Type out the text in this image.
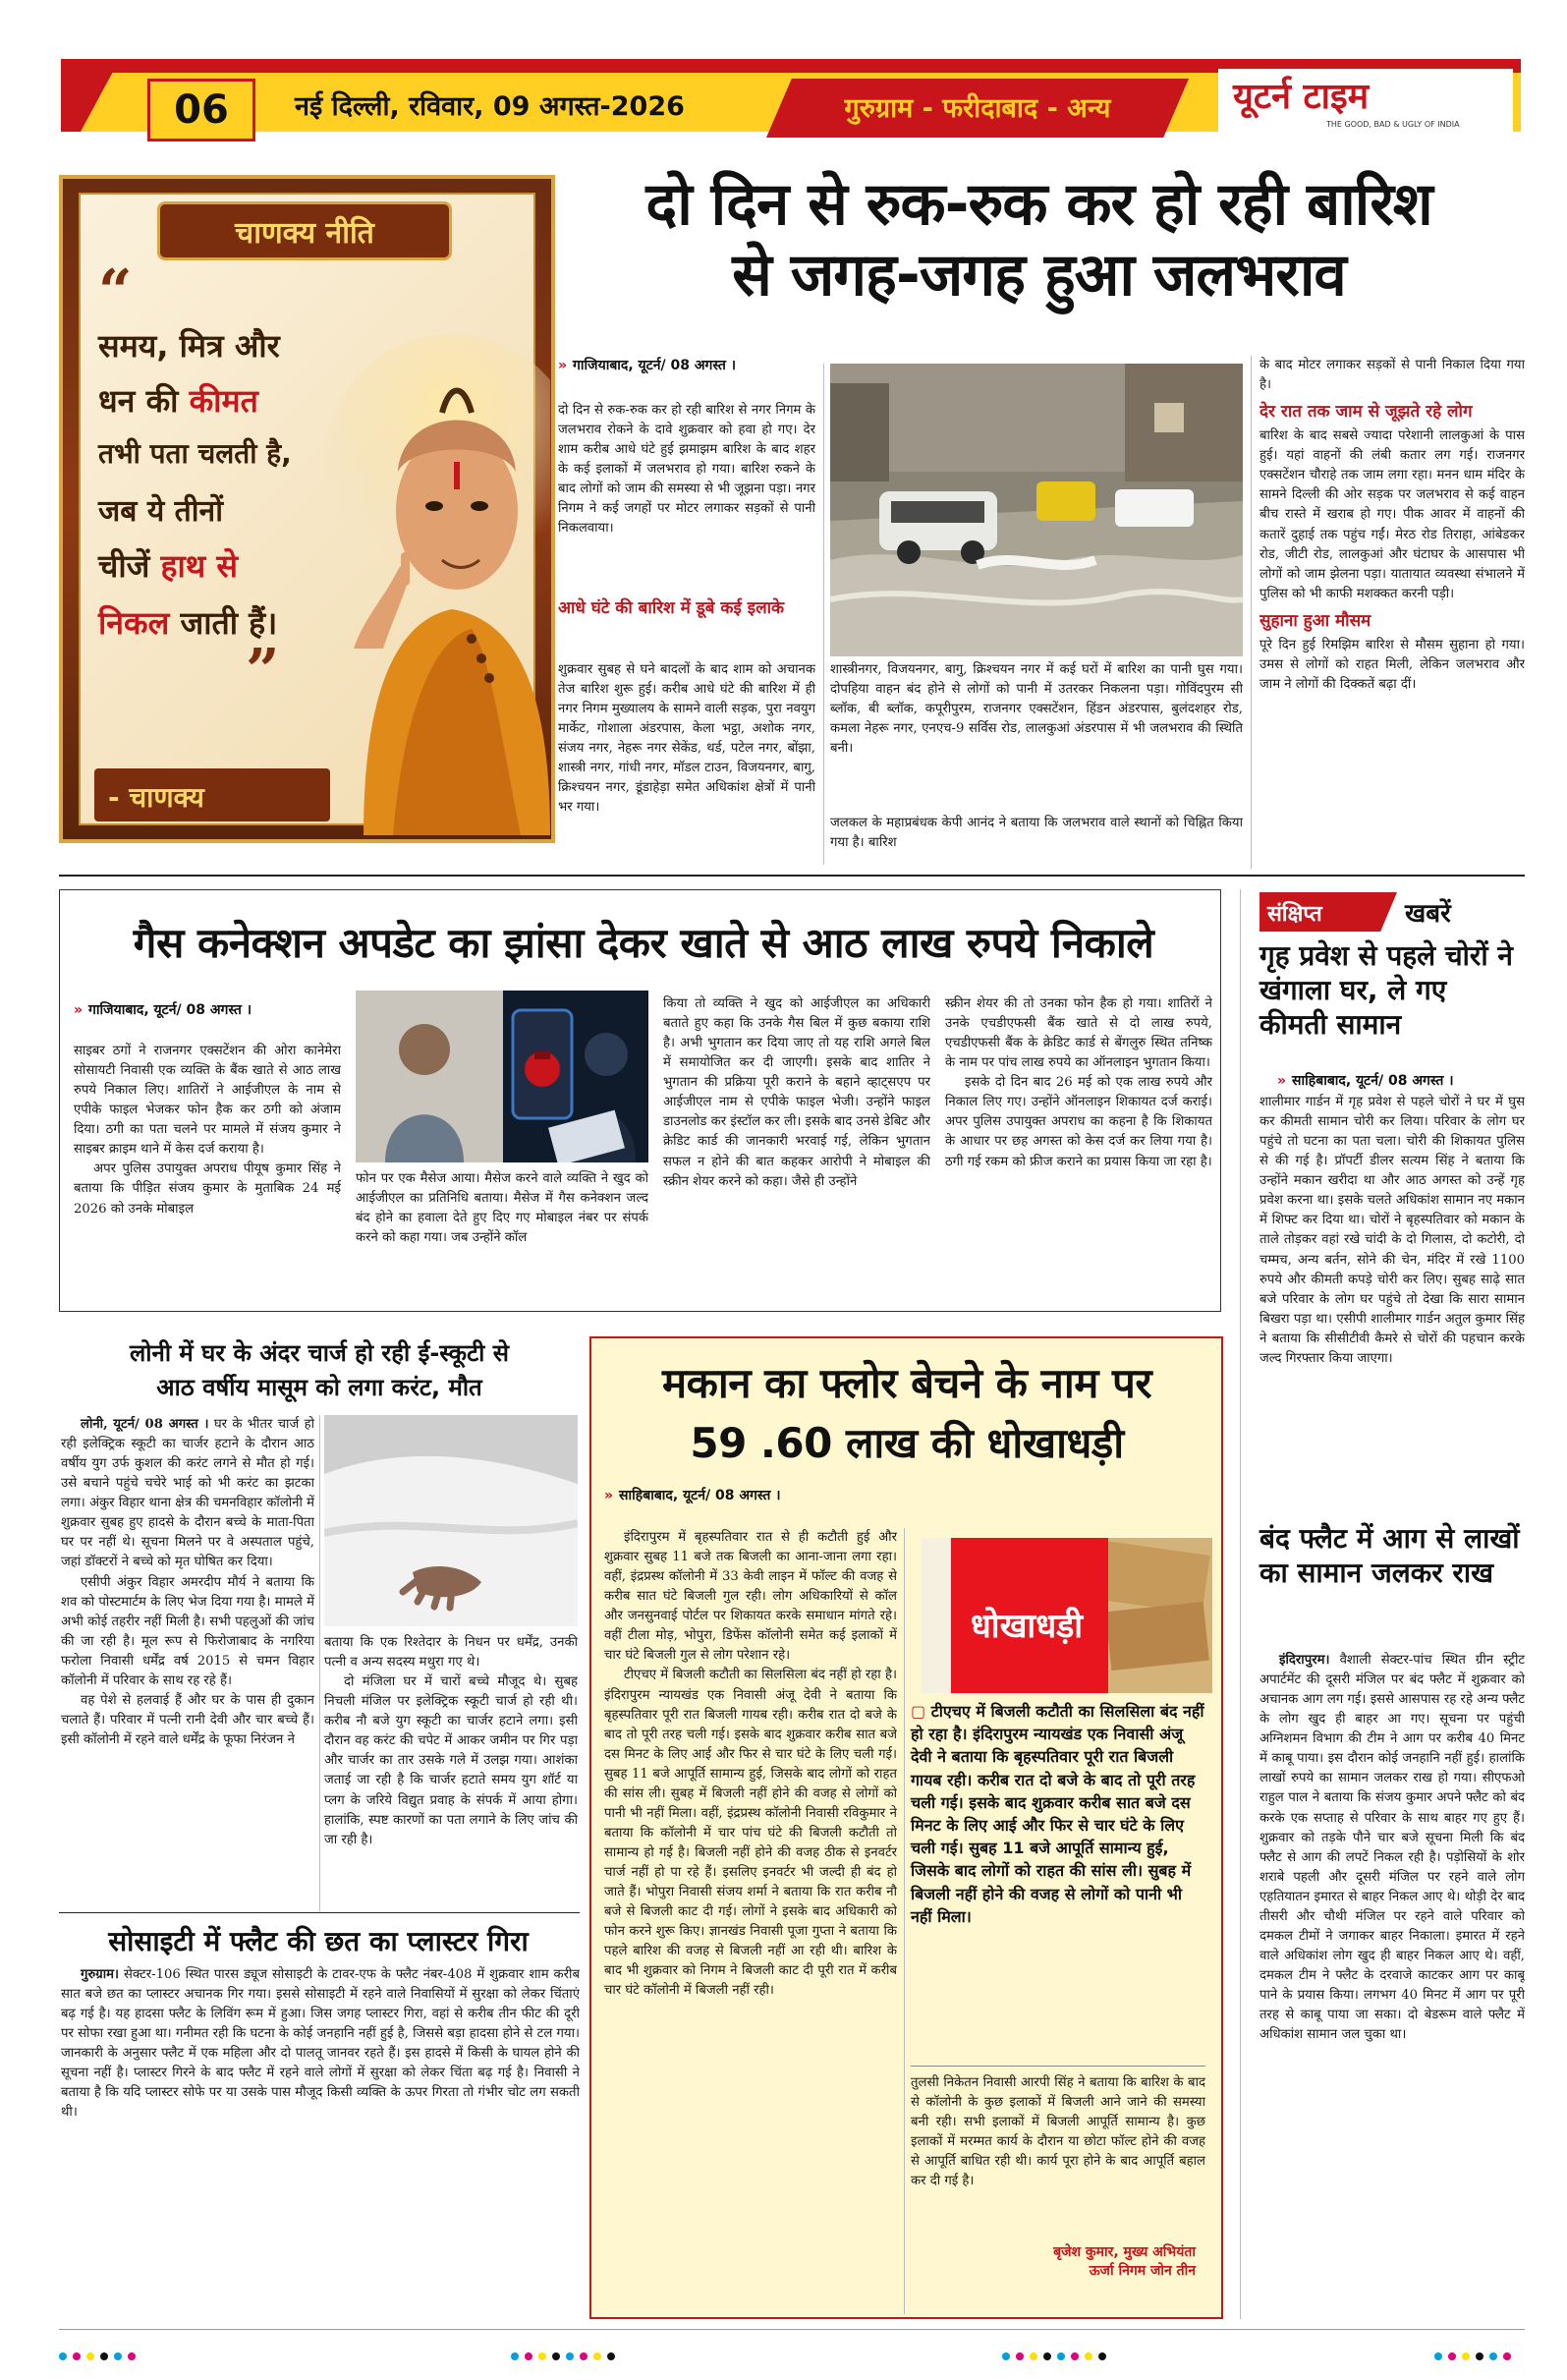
06	नई दिल्ली, रविवार, 09 अगस्त-2026	गुरुग्राम - फरीदाबाद - अन्य	यूटर्न टाइम
THE GOOD, BAD & UGLY OF INDIA
चाणक्य नीति
“
समय, मित्र और
धन की कीमत
तभी पता चलती है,
जब ये तीनों
चीजें हाथ से
निकल जाती हैं।
”
- चाणक्य
दो दिन से रुक-रुक कर हो रही बारिश
से जगह-जगह हुआ जलभराव
» गाजियाबाद, यूटर्न/ 08 अगस्त ।

दो दिन से रुक-रुक कर हो रही बारिश से नगर निगम के जलभराव रोकने के दावे शुक्रवार को हवा हो गए। देर शाम करीब आधे घंटे हुई झमाझम बारिश के बाद शहर के कई इलाकों में जलभराव हो गया। बारिश रुकने के बाद लोगों को जाम की समस्या से भी जूझना पड़ा। नगर निगम ने कई जगहों पर मोटर लगाकर सड़कों से पानी निकलवाया।

आधे घंटे की बारिश में डूबे कई इलाके

शुक्रवार सुबह से घने बादलों के बाद शाम को अचानक तेज बारिश शुरू हुई। करीब आधे घंटे की बारिश में ही नगर निगम मुख्यालय के सामने वाली सड़क, पुरा नवयुग मार्केट, गोशाला अंडरपास, केला भट्ठा, अशोक नगर, संजय नगर, नेहरू नगर सेकेंड, थर्ड, पटेल नगर, बोंझा, शास्त्री नगर, गांधी नगर, मॉडल टाउन, विजयनगर, बागु, क्रिश्चयन नगर, डूंडाहेड़ा समेत अधिकांश क्षेत्रों में पानी भर गया।

शास्त्रीनगर, विजयनगर, बागु, क्रिश्चयन नगर में कई घरों में बारिश का पानी घुस गया। दोपहिया वाहन बंद होने से लोगों को पानी में उतरकर निकलना पड़ा। गोविंदपुरम सी ब्लॉक, बी ब्लॉक, कपूरीपुरम, राजनगर एक्सटेंशन, हिंडन अंडरपास, बुलंदशहर रोड, कमला नेहरू नगर, एनएच-9 सर्विस रोड, लालकुआं अंडरपास में भी जलभराव की स्थिति बनी।

जलकल के महाप्रबंधक केपी आनंद ने बताया कि जलभराव वाले स्थानों को चिह्नित किया गया है। बारिश

के बाद मोटर लगाकर सड़कों से पानी निकाल दिया गया है।

देर रात तक जाम से जूझते रहे लोग

बारिश के बाद सबसे ज्यादा परेशानी लालकुआं के पास हुई। यहां वाहनों की लंबी कतार लग गई। राजनगर एक्सटेंशन चौराहे तक जाम लगा रहा। मनन धाम मंदिर के सामने दिल्ली की ओर सड़क पर जलभराव से कई वाहन बीच रास्ते में खराब हो गए। पीक आवर में वाहनों की कतारें दुहाई तक पहुंच गईं। मेरठ रोड तिराहा, आंबेडकर रोड, जीटी रोड, लालकुआं और घंटाघर के आसपास भी लोगों को जाम झेलना पड़ा। यातायात व्यवस्था संभालने में पुलिस को भी काफी मशक्कत करनी पड़ी।

सुहाना हुआ मौसम

पूरे दिन हुई रिमझिम बारिश से मौसम सुहाना हो गया। उमस से लोगों को राहत मिली, लेकिन जलभराव और जाम ने लोगों की दिक्कतें बढ़ा दीं।

गैस कनेक्शन अपडेट का झांसा देकर खाते से आठ लाख रुपये निकाले
» गाजियाबाद, यूटर्न/ 08 अगस्त ।

साइबर ठगों ने राजनगर एक्सटेंशन की ओरा कानेमेरा सोसायटी निवासी एक व्यक्ति के बैंक खाते से आठ लाख रुपये निकाल लिए। शातिरों ने आईजीएल के नाम से एपीके फाइल भेजकर फोन हैक कर ठगी को अंजाम दिया। ठगी का पता चलने पर मामले में संजय कुमार ने साइबर क्राइम थाने में केस दर्ज कराया है।

अपर पुलिस उपायुक्त अपराध पीयूष कुमार सिंह ने बताया कि पीड़ित संजय कुमार के मुताबिक 24 मई 2026 को उनके मोबाइल

फोन पर एक मैसेज आया। मैसेज करने वाले व्यक्ति ने खुद को आईजीएल का प्रतिनिधि बताया। मैसेज में गैस कनेक्शन जल्द बंद होने का हवाला देते हुए दिए गए मोबाइल नंबर पर संपर्क करने को कहा गया। जब उन्होंने कॉल

किया तो व्यक्ति ने खुद को आईजीएल का अधिकारी बताते हुए कहा कि उनके गैस बिल में कुछ बकाया राशि है। अभी भुगतान कर दिया जाए तो यह राशि अगले बिल में समायोजित कर दी जाएगी। इसके बाद शातिर ने भुगतान की प्रक्रिया पूरी कराने के बहाने व्हाट्सएप पर आईजीएल नाम से एपीके फाइल भेजी। उन्होंने फाइल डाउनलोड कर इंस्टॉल कर ली। इसके बाद उनसे डेबिट और क्रेडिट कार्ड की जानकारी भरवाई गई, लेकिन भुगतान सफल न होने की बात कहकर आरोपी ने मोबाइल की स्क्रीन शेयर करने को कहा। जैसे ही उन्होंने

स्क्रीन शेयर की तो उनका फोन हैक हो गया। शातिरों ने उनके एचडीएफसी बैंक खाते से दो लाख रुपये, एचडीएफसी बैंक के क्रेडिट कार्ड से बेंगलुरु स्थित तनिष्क के नाम पर पांच लाख रुपये का ऑनलाइन भुगतान किया।

इसके दो दिन बाद 26 मई को एक लाख रुपये और निकाल लिए गए। उन्होंने ऑनलाइन शिकायत दर्ज कराई। अपर पुलिस उपायुक्त अपराध का कहना है कि शिकायत के आधार पर छह अगस्त को केस दर्ज कर लिया गया है। ठगी गई रकम को फ्रीज कराने का प्रयास किया जा रहा है।

संक्षिप्त	खबरें
गृह प्रवेश से पहले चोरों ने खंगाला घर, ले गए कीमती सामान
» साहिबाबाद, यूटर्न/ 08 अगस्त ।

शालीमार गार्डन में गृह प्रवेश से पहले चोरों ने घर में घुस कर कीमती सामान चोरी कर लिया। परिवार के लोग घर पहुंचे तो घटना का पता चला। चोरी की शिकायत पुलिस से की गई है। प्रॉपर्टी डीलर सत्यम सिंह ने बताया कि उन्होंने मकान खरीदा था और आठ अगस्त को उन्हें गृह प्रवेश करना था। इसके चलते अधिकांश सामान नए मकान में शिफ्ट कर दिया था। चोरों ने बृहस्पतिवार को मकान के ताले तोड़कर वहां रखे चांदी के दो गिलास, दो कटोरी, दो चम्मच, अन्य बर्तन, सोने की चेन, मंदिर में रखे 1100 रुपये और कीमती कपड़े चोरी कर लिए। सुबह साढ़े सात बजे परिवार के लोग घर पहुंचे तो देखा कि सारा सामान बिखरा पड़ा था। एसीपी शालीमार गार्डन अतुल कुमार सिंह ने बताया कि सीसीटीवी कैमरे से चोरों की पहचान करके जल्द गिरफ्तार किया जाएगा।

बंद फ्लैट में आग से लाखों का सामान जलकर राख

इंदिरापुरम। वैशाली सेक्टर-पांच स्थित ग्रीन स्ट्रीट अपार्टमेंट की दूसरी मंजिल पर बंद फ्लैट में शुक्रवार को अचानक आग लग गई। इससे आसपास रह रहे अन्य फ्लैट के लोग खुद ही बाहर आ गए। सूचना पर पहुंची अग्निशमन विभाग की टीम ने आग पर करीब 40 मिनट में काबू पाया। इस दौरान कोई जनहानि नहीं हुई। हालांकि लाखों रुपये का सामान जलकर राख हो गया। सीएफओ राहुल पाल ने बताया कि संजय कुमार अपने फ्लैट को बंद करके एक सप्ताह से परिवार के साथ बाहर गए हुए हैं। शुक्रवार को तड़के पौने चार बजे सूचना मिली कि बंद फ्लैट से आग की लपटें निकल रही है। पड़ोसियों के शोर शराबे पहली और दूसरी मंजिल पर रहने वाले लोग एहतियातन इमारत से बाहर निकल आए थे। थोड़ी देर बाद तीसरी और चौथी मंजिल पर रहने वाले परिवार को दमकल टीमों ने जगाकर बाहर निकाला। इमारत में रहने वाले अधिकांश लोग खुद ही बाहर निकल आए थे। वहीं, दमकल टीम ने फ्लैट के दरवाजे काटकर आग पर काबू पाने के प्रयास किया। लगभग 40 मिनट में आग पर पूरी तरह से काबू पाया जा सका। दो बेडरूम वाले फ्लैट में अधिकांश सामान जल चुका था।

लोनी में घर के अंदर चार्ज हो रही ई-स्कूटी से
आठ वर्षीय मासूम को लगा करंट, मौत

लोनी, यूटर्न/ 08 अगस्त । घर के भीतर चार्ज हो रही इलेक्ट्रिक स्कूटी का चार्जर हटाने के दौरान आठ वर्षीय युग उर्फ कुशल की करंट लगने से मौत हो गई। उसे बचाने पहुंचे चचेरे भाई को भी करंट का झटका लगा। अंकुर विहार थाना क्षेत्र की चमनविहार कॉलोनी में शुक्रवार सुबह हुए हादसे के दौरान बच्चे के माता-पिता घर पर नहीं थे। सूचना मिलने पर वे अस्पताल पहुंचे, जहां डॉक्टरों ने बच्चे को मृत घोषित कर दिया।

एसीपी अंकुर विहार अमरदीप मौर्य ने बताया कि शव को पोस्टमार्टम के लिए भेज दिया गया है। मामले में अभी कोई तहरीर नहीं मिली है। सभी पहलुओं की जांच की जा रही है। मूल रूप से फिरोजाबाद के नगरिया फरोला निवासी धर्मेंद्र वर्ष 2015 से चमन विहार कॉलोनी में परिवार के साथ रह रहे हैं।

वह पेशे से हलवाई हैं और घर के पास ही दुकान चलाते हैं। परिवार में पत्नी रानी देवी और चार बच्चे हैं। इसी कॉलोनी में रहने वाले धर्मेंद्र के फूफा निरंजन ने

बताया कि एक रिश्तेदार के निधन पर धर्मेंद्र, उनकी पत्नी व अन्य सदस्य मथुरा गए थे।

दो मंजिला घर में चारों बच्चे मौजूद थे। सुबह निचली मंजिल पर इलेक्ट्रिक स्कूटी चार्ज हो रही थी। करीब नौ बजे युग स्कूटी का चार्जर हटाने लगा। इसी दौरान वह करंट की चपेट में आकर जमीन पर गिर पड़ा और चार्जर का तार उसके गले में उलझ गया। आशंका जताई जा रही है कि चार्जर हटाते समय युग शॉर्ट या प्लग के जरिये विद्युत प्रवाह के संपर्क में आया होगा। हालांकि, स्पष्ट कारणों का पता लगाने के लिए जांच की जा रही है।

सोसाइटी में फ्लैट की छत का प्लास्टर गिरा

गुरुग्राम। सेक्टर-106 स्थित पारस ड्यूज सोसाइटी के टावर-एफ के फ्लैट नंबर-408 में शुक्रवार शाम करीब सात बजे छत का प्लास्टर अचानक गिर गया। इससे सोसाइटी में रहने वाले निवासियों में सुरक्षा को लेकर चिंताएं बढ़ गई है। यह हादसा फ्लैट के लिविंग रूम में हुआ। जिस जगह प्लास्टर गिरा, वहां से करीब तीन फीट की दूरी पर सोफा रखा हुआ था। गनीमत रही कि घटना के कोई जनहानि नहीं हुई है, जिससे बड़ा हादसा होने से टल गया। जानकारी के अनुसार फ्लैट में एक महिला और दो पालतू जानवर रहते हैं। इस हादसे में किसी के घायल होने की सूचना नहीं है। प्लास्टर गिरने के बाद फ्लैट में रहने वाले लोगों में सुरक्षा को लेकर चिंता बढ़ गई है। निवासी ने बताया है कि यदि प्लास्टर सोफे पर या उसके पास मौजूद किसी व्यक्ति के ऊपर गिरता तो गंभीर चोट लग सकती थी।

मकान का फ्लोर बेचने के नाम पर
59 .60 लाख की धोखाधड़ी
» साहिबाबाद, यूटर्न/ 08 अगस्त ।

इंदिरापुरम में बृहस्पतिवार रात से ही कटौती हुई और शुक्रवार सुबह 11 बजे तक बिजली का आना-जाना लगा रहा। वहीं, इंद्रप्रस्थ कॉलोनी में 33 केवी लाइन में फॉल्ट की वजह से करीब सात घंटे बिजली गुल रही। लोग अधिकारियों से कॉल और जनसुनवाई पोर्टल पर शिकायत करके समाधान मांगते रहे। वहीं टीला मोड़, भोपुरा, डिफेंस कॉलोनी समेत कई इलाकों में चार घंटे बिजली गुल से लोग परेशान रहे।

टीएचए में बिजली कटौती का सिलसिला बंद नहीं हो रहा है। इंदिरापुरम न्यायखंड एक निवासी अंजू देवी ने बताया कि बृहस्पतिवार पूरी रात बिजली गायब रही। करीब रात दो बजे के बाद तो पूरी तरह चली गई। इसके बाद शुक्रवार करीब सात बजे दस मिनट के लिए आई और फिर से चार घंटे के लिए चली गई। सुबह 11 बजे आपूर्ति सामान्य हुई, जिसके बाद लोगों को राहत की सांस ली। सुबह में बिजली नहीं होने की वजह से लोगों को पानी भी नहीं मिला। वहीं, इंद्रप्रस्थ कॉलोनी निवासी रविकुमार ने बताया कि कॉलोनी में चार पांच घंटे की बिजली कटौती तो सामान्य हो गई है। बिजली नहीं होने की वजह ठीक से इनवर्टर चार्ज नहीं हो पा रहे हैं। इसलिए इनवर्टर भी जल्दी ही बंद हो जाते हैं। भोपुरा निवासी संजय शर्मा ने बताया कि रात करीब नौ बजे से बिजली काट दी गई। लोगों ने इसके बाद अधिकारी को फोन करने शुरू किए। ज्ञानखंड निवासी पूजा गुप्ता ने बताया कि पहले बारिश की वजह से बिजली नहीं आ रही थी। बारिश के बाद भी शुक्रवार को निगम ने बिजली काट दी पूरी रात में करीब चार घंटे कॉलोनी में बिजली नहीं रही।

धोखाधड़ी
▢ टीएचए में बिजली कटौती का सिलसिला बंद नहीं हो रहा है। इंदिरापुरम न्यायखंड एक निवासी अंजू देवी ने बताया कि बृहस्पतिवार पूरी रात बिजली गायब रही। करीब रात दो बजे के बाद तो पूरी तरह चली गई। इसके बाद शुक्रवार करीब सात बजे दस मिनट के लिए आई और फिर से चार घंटे के लिए चली गई। सुबह 11 बजे आपूर्ति सामान्य हुई, जिसके बाद लोगों को राहत की सांस ली। सुबह में बिजली नहीं होने की वजह से लोगों को पानी भी नहीं मिला।

तुलसी निकेतन निवासी आरपी सिंह ने बताया कि बारिश के बाद से कॉलोनी के कुछ इलाकों में बिजली आने जाने की समस्या बनी रही। सभी इलाकों में बिजली आपूर्ति सामान्य है। कुछ इलाकों में मरम्मत कार्य के दौरान या छोटा फॉल्ट होने की वजह से आपूर्ति बाधित रही थी। कार्य पूरा होने के बाद आपूर्ति बहाल कर दी गई है।

बृजेश कुमार, मुख्य अभियंता
ऊर्जा निगम जोन तीन
